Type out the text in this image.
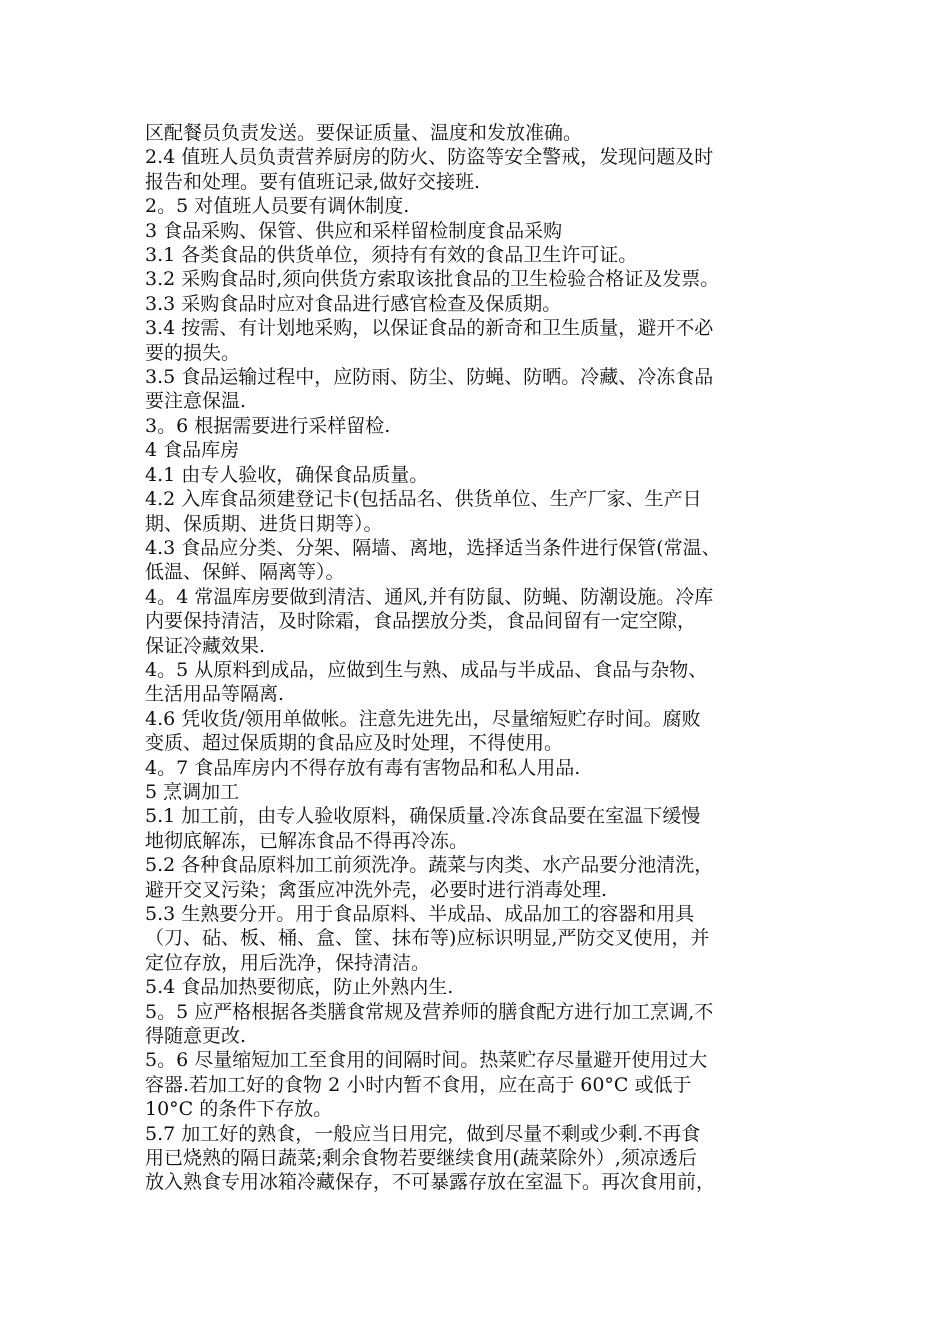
区配餐员负责发送。要保证质量、温度和发放准确。

2.4 值班人员负责营养厨房的防火、防盗等安全警戒，发现问题及时
报告和处理。要有值班记录,做好交接班.

2。5 对值班人员要有调休制度.

3 食品采购、保管、供应和采样留检制度食品采购

3.1 各类食品的供货单位，须持有有效的食品卫生许可证。

3.2 采购食品时,须向供货方索取该批食品的卫生检验合格证及发票。

3.3 采购食品时应对食品进行感官检查及保质期。

3.4 按需、有计划地采购，以保证食品的新奇和卫生质量，避开不必
要的损失。

3.5 食品运输过程中，应防雨、防尘、防蝇、防晒。冷藏、冷冻食品
要注意保温.

3。6 根据需要进行采样留检.

4 食品库房

4.1 由专人验收，确保食品质量。

4.2 入库食品须建登记卡(包括品名、供货单位、生产厂家、生产日
期、保质期、进货日期等）。

4.3 食品应分类、分架、隔墙、离地，选择适当条件进行保管(常温、
低温、保鲜、隔离等）。

4。4 常温库房要做到清洁、通风,并有防鼠、防蝇、防潮设施。冷库
内要保持清洁，及时除霜，食品摆放分类，食品间留有一定空隙，
保证冷藏效果.

4。5 从原料到成品，应做到生与熟、成品与半成品、食品与杂物、
生活用品等隔离.

4.6 凭收货/领用单做帐。注意先进先出，尽量缩短贮存时间。腐败
变质、超过保质期的食品应及时处理，不得使用。

4。7 食品库房内不得存放有毒有害物品和私人用品.

5 烹调加工

5.1 加工前，由专人验收原料，确保质量.冷冻食品要在室温下缓慢
地彻底解冻，已解冻食品不得再冷冻。

5.2 各种食品原料加工前须洗净。蔬菜与肉类、水产品要分池清洗，
避开交叉污染；禽蛋应冲洗外壳，必要时进行消毒处理.

5.3 生熟要分开。用于食品原料、半成品、成品加工的容器和用具
（刀、砧、板、桶、盒、筐、抹布等)应标识明显,严防交叉使用，并
定位存放，用后洗净，保持清洁。

5.4 食品加热要彻底，防止外熟内生.

5。5 应严格根据各类膳食常规及营养师的膳食配方进行加工烹调,不
得随意更改.

5。6 尽量缩短加工至食用的间隔时间。热菜贮存尽量避开使用过大
容器.若加工好的食物 2 小时内暂不食用，应在高于 60°C 或低于
10°C 的条件下存放。

5.7 加工好的熟食，一般应当日用完，做到尽量不剩或少剩.不再食
用已烧熟的隔日蔬菜;剩余食物若要继续食用(蔬菜除外）,须凉透后
放入熟食专用冰箱冷藏保存，不可暴露存放在室温下。再次食用前，
